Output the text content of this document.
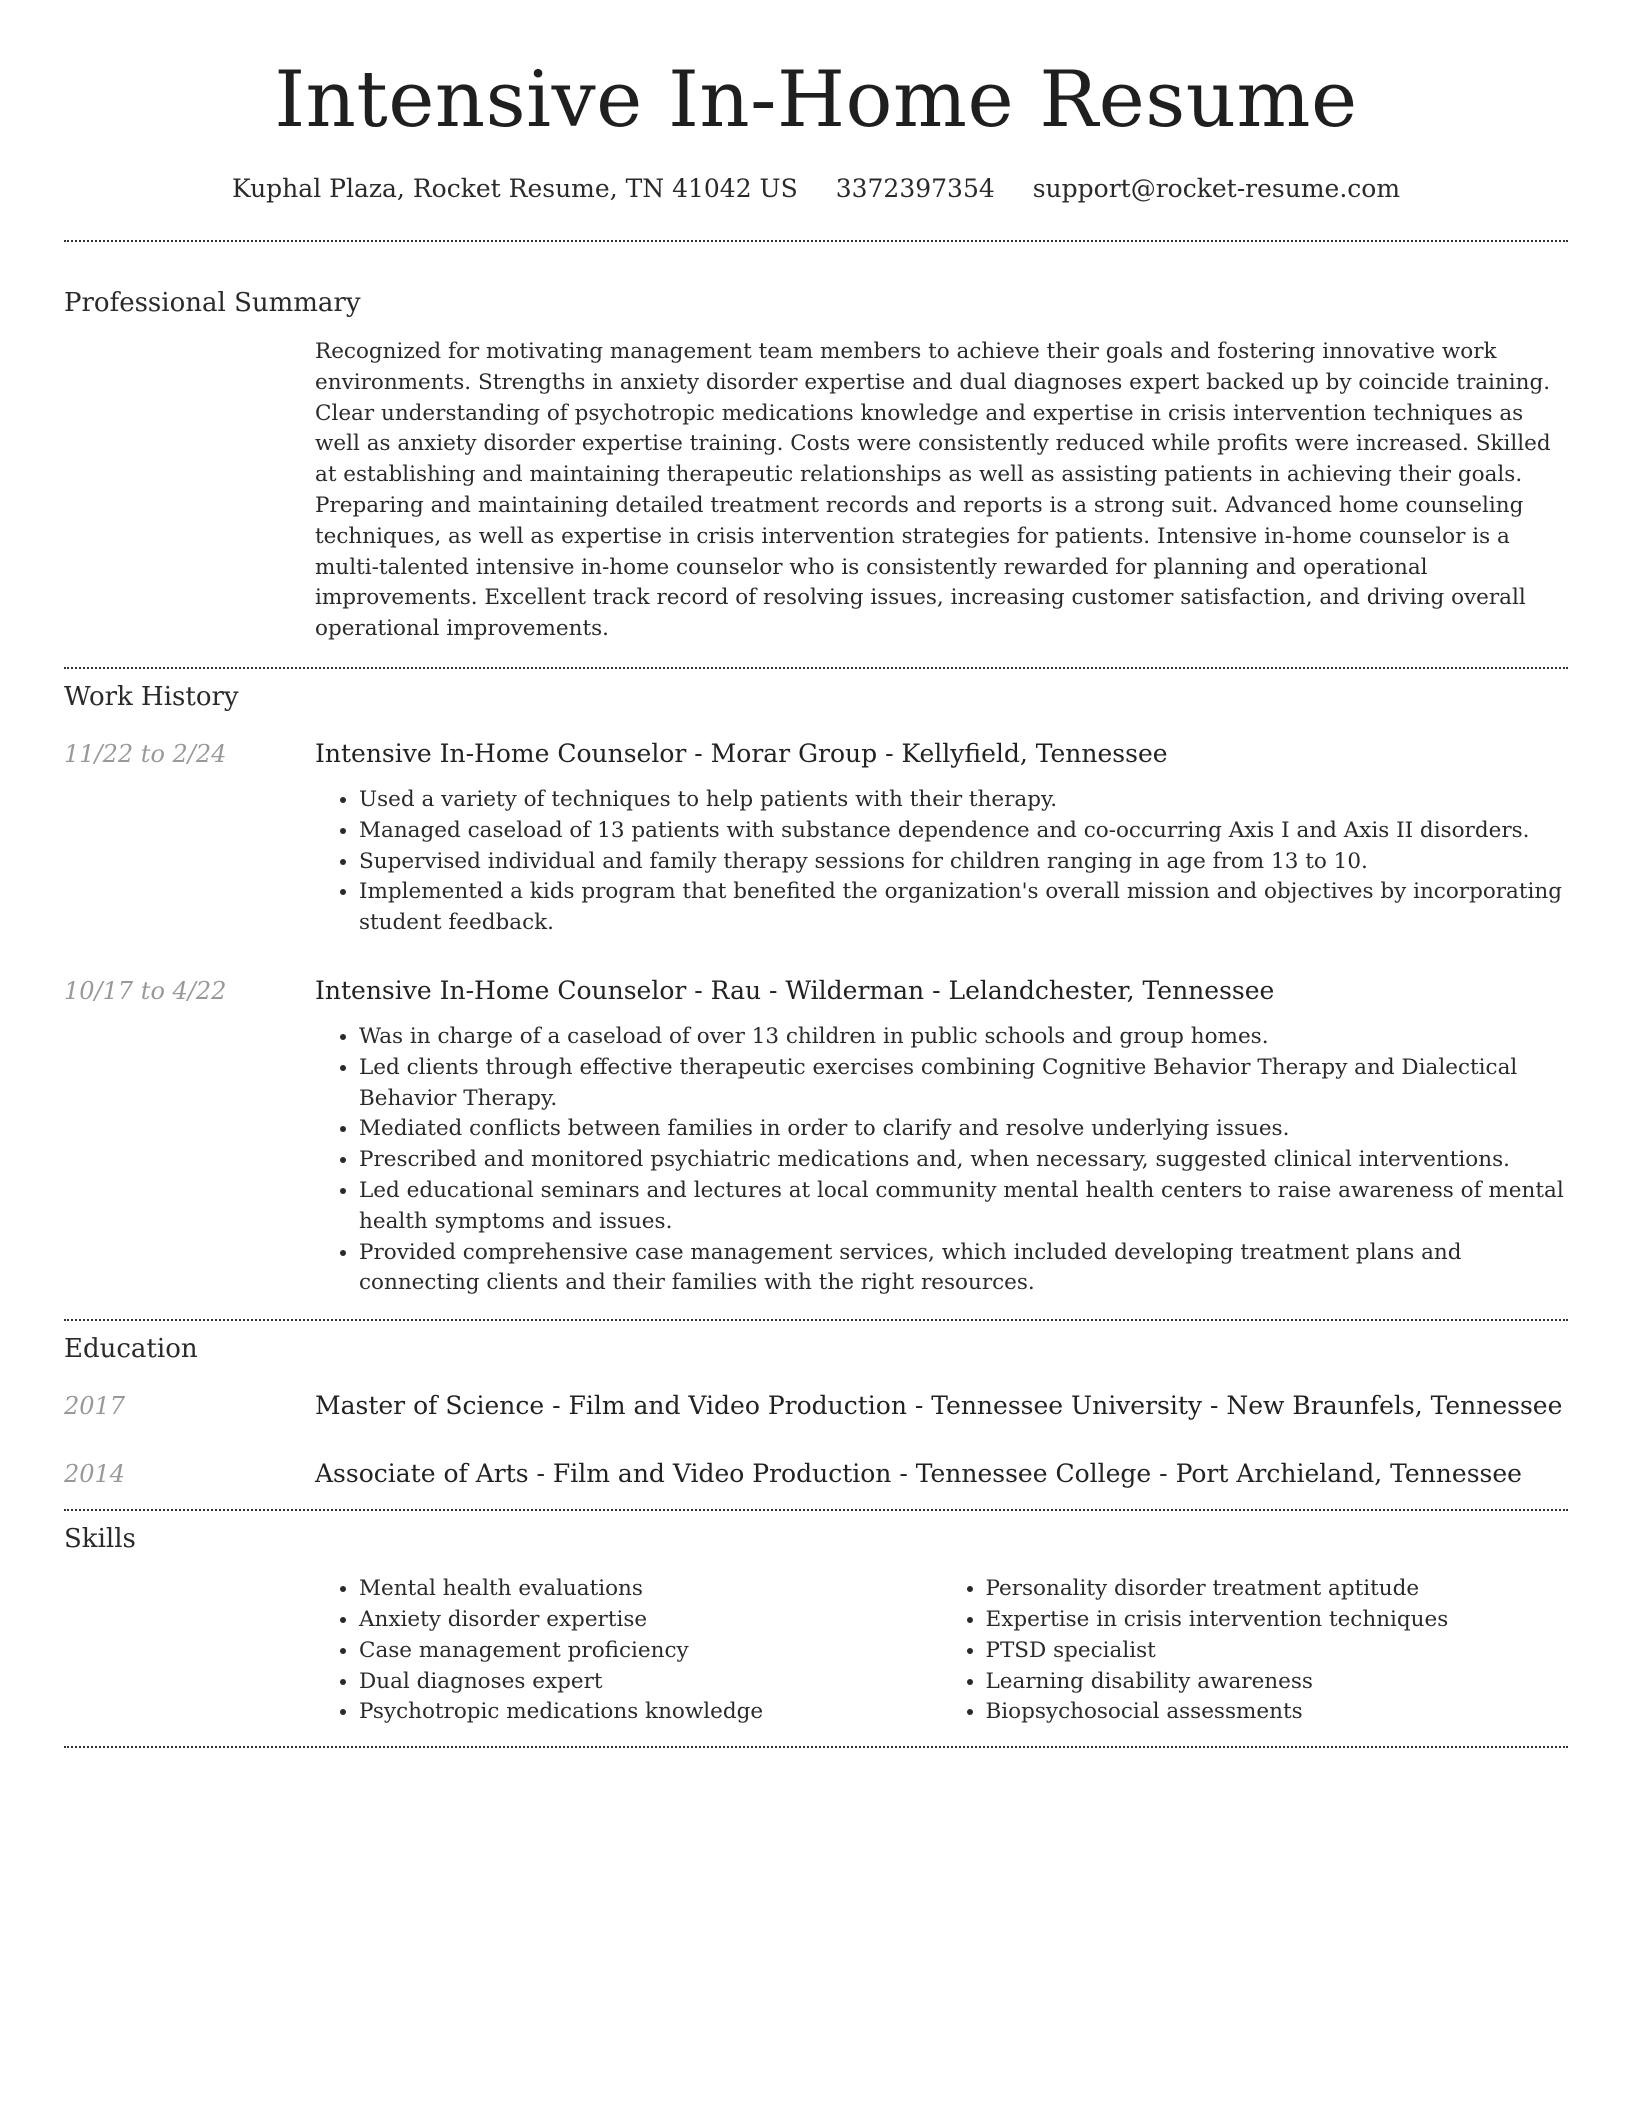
Intensive In-Home Resume
Kuphal Plaza, Rocket Resume, TN 41042 US 3372397354 support@rocket-resume.com
Professional Summary

Recognized for motivating management team members to achieve their goals and fostering innovative work environments. Strengths in anxiety disorder expertise and dual diagnoses expert backed up by coincide training. Clear understanding of psychotropic medications knowledge and expertise in crisis intervention techniques as well as anxiety disorder expertise training. Costs were consistently reduced while profits were increased. Skilled at establishing and maintaining therapeutic relationships as well as assisting patients in achieving their goals. Preparing and maintaining detailed treatment records and reports is a strong suit. Advanced home counseling techniques, as well as expertise in crisis intervention strategies for patients. Intensive in-home counselor is a multi-talented intensive in-home counselor who is consistently rewarded for planning and operational improvements. Excellent track record of resolving issues, increasing customer satisfaction, and driving overall operational improvements.

Work History
11/22 to 2/24	Intensive In-Home Counselor - Morar Group - Kellyfield, Tennessee
• Used a variety of techniques to help patients with their therapy.
• Managed caseload of 13 patients with substance dependence and co-occurring Axis I and Axis II disorders.
• Supervised individual and family therapy sessions for children ranging in age from 13 to 10.
• Implemented a kids program that benefited the organization's overall mission and objectives by incorporating student feedback.
10/17 to 4/22	Intensive In-Home Counselor - Rau - Wilderman - Lelandchester, Tennessee
• Was in charge of a caseload of over 13 children in public schools and group homes.
• Led clients through effective therapeutic exercises combining Cognitive Behavior Therapy and Dialectical Behavior Therapy.
• Mediated conflicts between families in order to clarify and resolve underlying issues.
• Prescribed and monitored psychiatric medications and, when necessary, suggested clinical interventions.
• Led educational seminars and lectures at local community mental health centers to raise awareness of mental health symptoms and issues.
• Provided comprehensive case management services, which included developing treatment plans and connecting clients and their families with the right resources.
Education
2017	Master of Science - Film and Video Production - Tennessee University - New Braunfels, Tennessee
2014	Associate of Arts - Film and Video Production - Tennessee College - Port Archieland, Tennessee
Skills
• Mental health evaluations
• Anxiety disorder expertise
• Case management proficiency
• Dual diagnoses expert
• Psychotropic medications knowledge
• Personality disorder treatment aptitude
• Expertise in crisis intervention techniques
• PTSD specialist
• Learning disability awareness
• Biopsychosocial assessments
